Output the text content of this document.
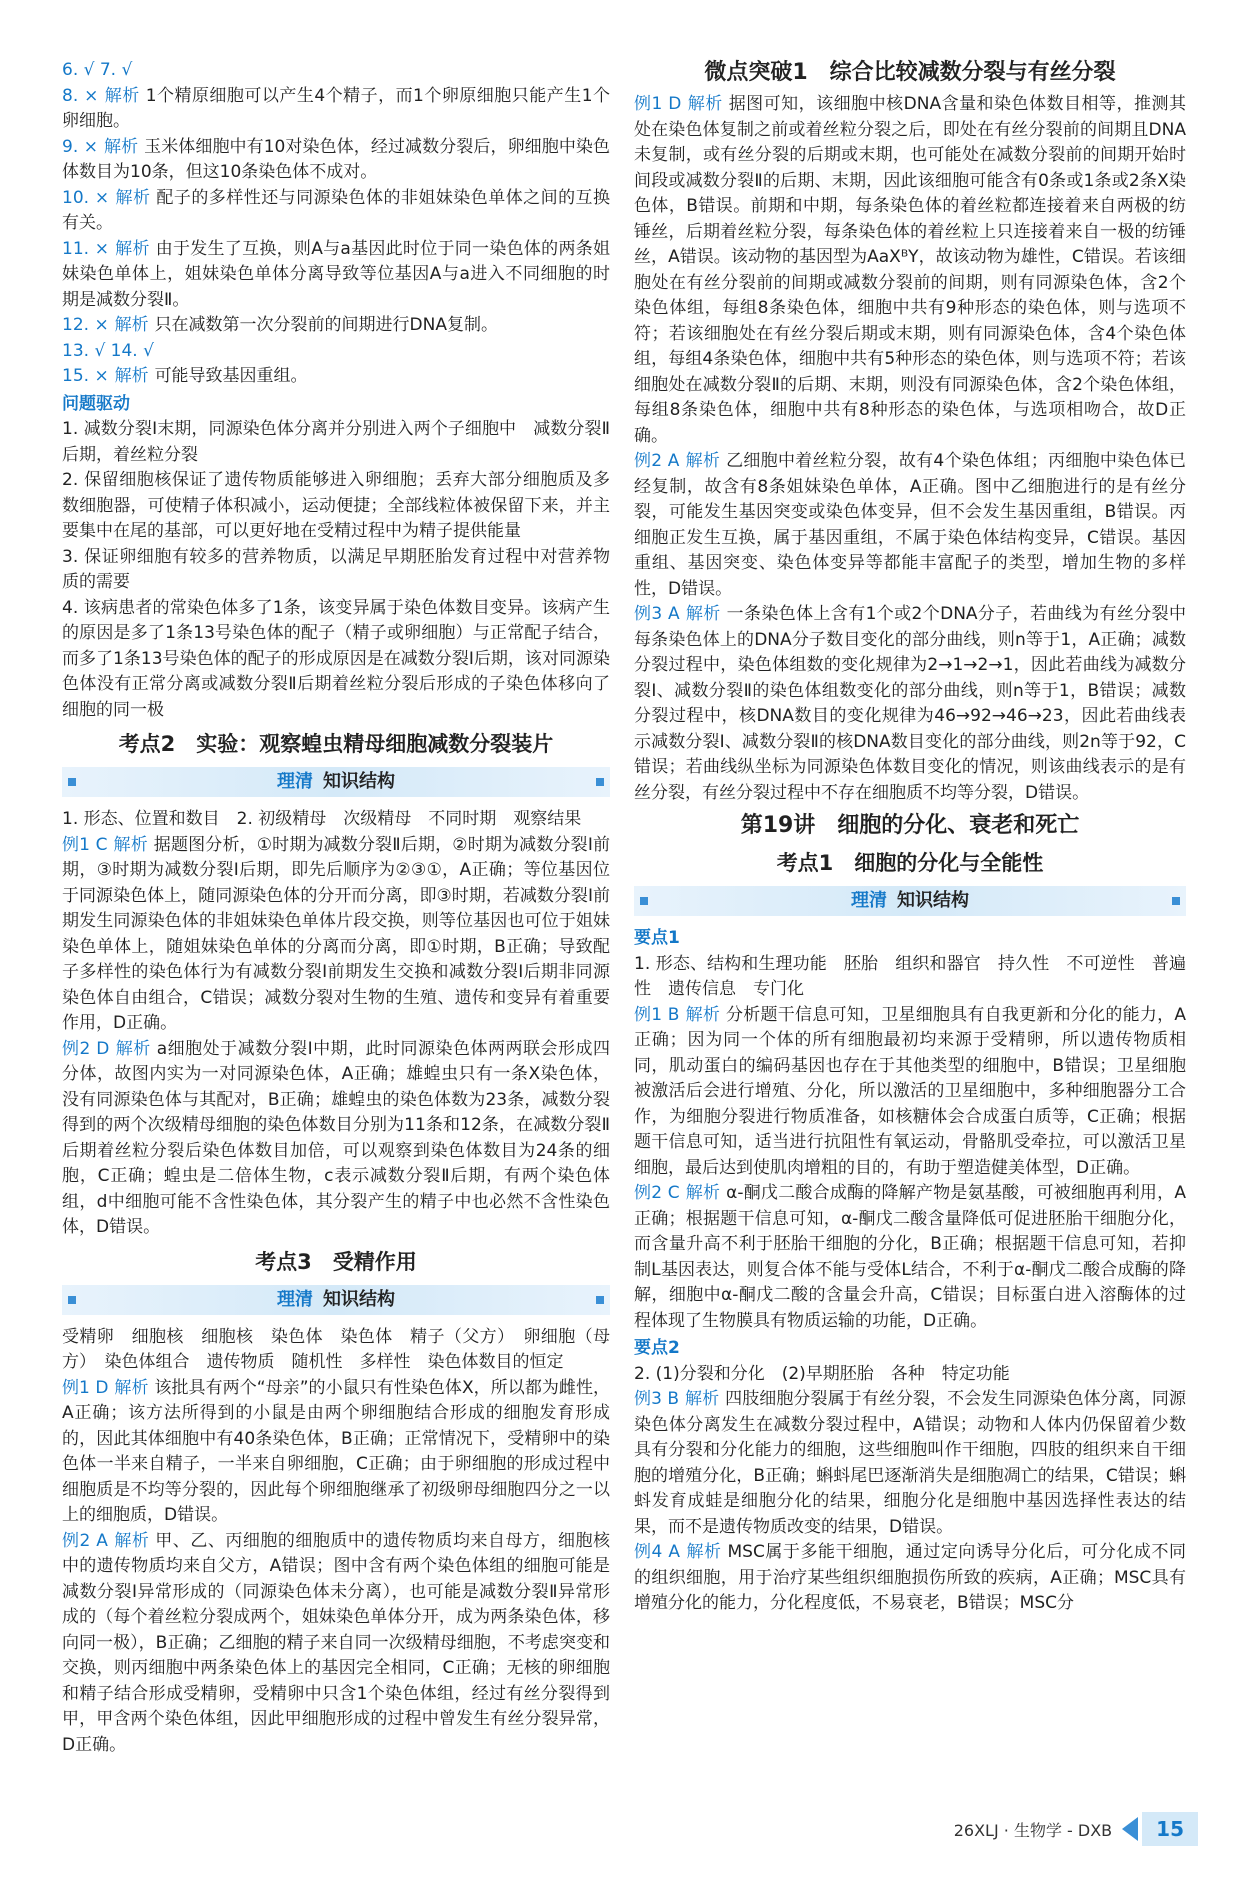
6. √ 7. √

8. × 解析 1个精原细胞可以产生4个精子，而1个卵原细胞只能产生1个卵细胞。

9. × 解析 玉米体细胞中有10对染色体，经过减数分裂后，卵细胞中染色体数目为10条，但这10条染色体不成对。

10. × 解析 配子的多样性还与同源染色体的非姐妹染色单体之间的互换有关。

11. × 解析 由于发生了互换，则A与a基因此时位于同一染色体的两条姐妹染色单体上，姐妹染色单体分离导致等位基因A与a进入不同细胞的时期是减数分裂Ⅱ。

12. × 解析 只在减数第一次分裂前的间期进行DNA复制。

13. √ 14. √

15. × 解析 可能导致基因重组。

问题驱动

1. 减数分裂Ⅰ末期，同源染色体分离并分别进入两个子细胞中　减数分裂Ⅱ后期，着丝粒分裂

2. 保留细胞核保证了遗传物质能够进入卵细胞；丢弃大部分细胞质及多数细胞器，可使精子体积减小，运动便捷；全部线粒体被保留下来，并主要集中在尾的基部，可以更好地在受精过程中为精子提供能量

3. 保证卵细胞有较多的营养物质，以满足早期胚胎发育过程中对营养物质的需要

4. 该病患者的常染色体多了1条，该变异属于染色体数目变异。该病产生的原因是多了1条13号染色体的配子（精子或卵细胞）与正常配子结合，而多了1条13号染色体的配子的形成原因是在减数分裂Ⅰ后期，该对同源染色体没有正常分离或减数分裂Ⅱ后期着丝粒分裂后形成的子染色体移向了细胞的同一极

考点2　实验：观察蝗虫精母细胞减数分裂装片
理清 知识结构

1. 形态、位置和数目　2. 初级精母　次级精母　不同时期　观察结果

例1 C 解析 据题图分析，①时期为减数分裂Ⅱ后期，②时期为减数分裂Ⅰ前期，③时期为减数分裂Ⅰ后期，即先后顺序为②③①，A正确；等位基因位于同源染色体上，随同源染色体的分开而分离，即③时期，若减数分裂Ⅰ前期发生同源染色体的非姐妹染色单体片段交换，则等位基因也可位于姐妹染色单体上，随姐妹染色单体的分离而分离，即①时期，B正确；导致配子多样性的染色体行为有减数分裂Ⅰ前期发生交换和减数分裂Ⅰ后期非同源染色体自由组合，C错误；减数分裂对生物的生殖、遗传和变异有着重要作用，D正确。

例2 D 解析 a细胞处于减数分裂Ⅰ中期，此时同源染色体两两联会形成四分体，故图内实为一对同源染色体，A正确；雄蝗虫只有一条X染色体，没有同源染色体与其配对，B正确；雄蝗虫的染色体数为23条，减数分裂得到的两个次级精母细胞的染色体数目分别为11条和12条，在减数分裂Ⅱ后期着丝粒分裂后染色体数目加倍，可以观察到染色体数目为24条的细胞，C正确；蝗虫是二倍体生物，c表示减数分裂Ⅱ后期，有两个染色体组，d中细胞可能不含性染色体，其分裂产生的精子中也必然不含性染色体，D错误。

考点3　受精作用
理清 知识结构

受精卵　细胞核　细胞核　染色体　染色体　精子（父方）　卵细胞（母方）　染色体组合　遗传物质　随机性　多样性　染色体数目的恒定

例1 D 解析 该批具有两个“母亲”的小鼠只有性染色体X，所以都为雌性，A正确；该方法所得到的小鼠是由两个卵细胞结合形成的细胞发育形成的，因此其体细胞中有40条染色体，B正确；正常情况下，受精卵中的染色体一半来自精子，一半来自卵细胞，C正确；由于卵细胞的形成过程中细胞质是不均等分裂的，因此每个卵细胞继承了初级卵母细胞四分之一以上的细胞质，D错误。

例2 A 解析 甲、乙、丙细胞的细胞质中的遗传物质均来自母方，细胞核中的遗传物质均来自父方，A错误；图中含有两个染色体组的细胞可能是减数分裂Ⅰ异常形成的（同源染色体未分离），也可能是减数分裂Ⅱ异常形成的（每个着丝粒分裂成两个，姐妹染色单体分开，成为两条染色体，移向同一极），B正确；乙细胞的精子来自同一次级精母细胞，不考虑突变和交换，则丙细胞中两条染色体上的基因完全相同，C正确；无核的卵细胞和精子结合形成受精卵，受精卵中只含1个染色体组，经过有丝分裂得到甲，甲含两个染色体组，因此甲细胞形成的过程中曾发生有丝分裂异常，D正确。

微点突破1　综合比较减数分裂与有丝分裂

例1 D 解析 据图可知，该细胞中核DNA含量和染色体数目相等，推测其处在染色体复制之前或着丝粒分裂之后，即处在有丝分裂前的间期且DNA未复制，或有丝分裂的后期或末期，也可能处在减数分裂前的间期开始时间段或减数分裂Ⅱ的后期、末期，因此该细胞可能含有0条或1条或2条X染色体，B错误。前期和中期，每条染色体的着丝粒都连接着来自两极的纺锤丝，后期着丝粒分裂，每条染色体的着丝粒上只连接着来自一极的纺锤丝，A错误。该动物的基因型为AaXᴮY，故该动物为雄性，C错误。若该细胞处在有丝分裂前的间期或减数分裂前的间期，则有同源染色体，含2个染色体组，每组8条染色体，细胞中共有9种形态的染色体，则与选项不符；若该细胞处在有丝分裂后期或末期，则有同源染色体，含4个染色体组，每组4条染色体，细胞中共有5种形态的染色体，则与选项不符；若该细胞处在减数分裂Ⅱ的后期、末期，则没有同源染色体，含2个染色体组，每组8条染色体，细胞中共有8种形态的染色体，与选项相吻合，故D正确。

例2 A 解析 乙细胞中着丝粒分裂，故有4个染色体组；丙细胞中染色体已经复制，故含有8条姐妹染色单体，A正确。图中乙细胞进行的是有丝分裂，可能发生基因突变或染色体变异，但不会发生基因重组，B错误。丙细胞正发生互换，属于基因重组，不属于染色体结构变异，C错误。基因重组、基因突变、染色体变异等都能丰富配子的类型，增加生物的多样性，D错误。

例3 A 解析 一条染色体上含有1个或2个DNA分子，若曲线为有丝分裂中每条染色体上的DNA分子数目变化的部分曲线，则n等于1，A正确；减数分裂过程中，染色体组数的变化规律为2→1→2→1，因此若曲线为减数分裂Ⅰ、减数分裂Ⅱ的染色体组数变化的部分曲线，则n等于1，B错误；减数分裂过程中，核DNA数目的变化规律为46→92→46→23，因此若曲线表示减数分裂Ⅰ、减数分裂Ⅱ的核DNA数目变化的部分曲线，则2n等于92，C错误；若曲线纵坐标为同源染色体数目变化的情况，则该曲线表示的是有丝分裂，有丝分裂过程中不存在细胞质不均等分裂，D错误。

第19讲　细胞的分化、衰老和死亡
考点1　细胞的分化与全能性
理清 知识结构
要点1

1. 形态、结构和生理功能　胚胎　组织和器官　持久性　不可逆性　普遍性　遗传信息　专门化

例1 B 解析 分析题干信息可知，卫星细胞具有自我更新和分化的能力，A正确；因为同一个体的所有细胞最初均来源于受精卵，所以遗传物质相同，肌动蛋白的编码基因也存在于其他类型的细胞中，B错误；卫星细胞被激活后会进行增殖、分化，所以激活的卫星细胞中，多种细胞器分工合作，为细胞分裂进行物质准备，如核糖体会合成蛋白质等，C正确；根据题干信息可知，适当进行抗阻性有氧运动，骨骼肌受牵拉，可以激活卫星细胞，最后达到使肌肉增粗的目的，有助于塑造健美体型，D正确。

例2 C 解析 α-酮戊二酸合成酶的降解产物是氨基酸，可被细胞再利用，A正确；根据题干信息可知，α-酮戊二酸含量降低可促进胚胎干细胞分化，而含量升高不利于胚胎干细胞的分化，B正确；根据题干信息可知，若抑制L基因表达，则复合体不能与受体L结合，不利于α-酮戊二酸合成酶的降解，细胞中α-酮戊二酸的含量会升高，C错误；目标蛋白进入溶酶体的过程体现了生物膜具有物质运输的功能，D正确。

要点2

2. (1)分裂和分化　(2)早期胚胎　各种　特定功能

例3 B 解析 四肢细胞分裂属于有丝分裂，不会发生同源染色体分离，同源染色体分离发生在减数分裂过程中，A错误；动物和人体内仍保留着少数具有分裂和分化能力的细胞，这些细胞叫作干细胞，四肢的组织来自干细胞的增殖分化，B正确；蝌蚪尾巴逐渐消失是细胞凋亡的结果，C错误；蝌蚪发育成蛙是细胞分化的结果，细胞分化是细胞中基因选择性表达的结果，而不是遗传物质改变的结果，D错误。

例4 A 解析 MSC属于多能干细胞，通过定向诱导分化后，可分化成不同的组织细胞，用于治疗某些组织细胞损伤所致的疾病，A正确；MSC具有增殖分化的能力，分化程度低，不易衰老，B错误；MSC分

26XLJ · 生物学 - DXB	15
